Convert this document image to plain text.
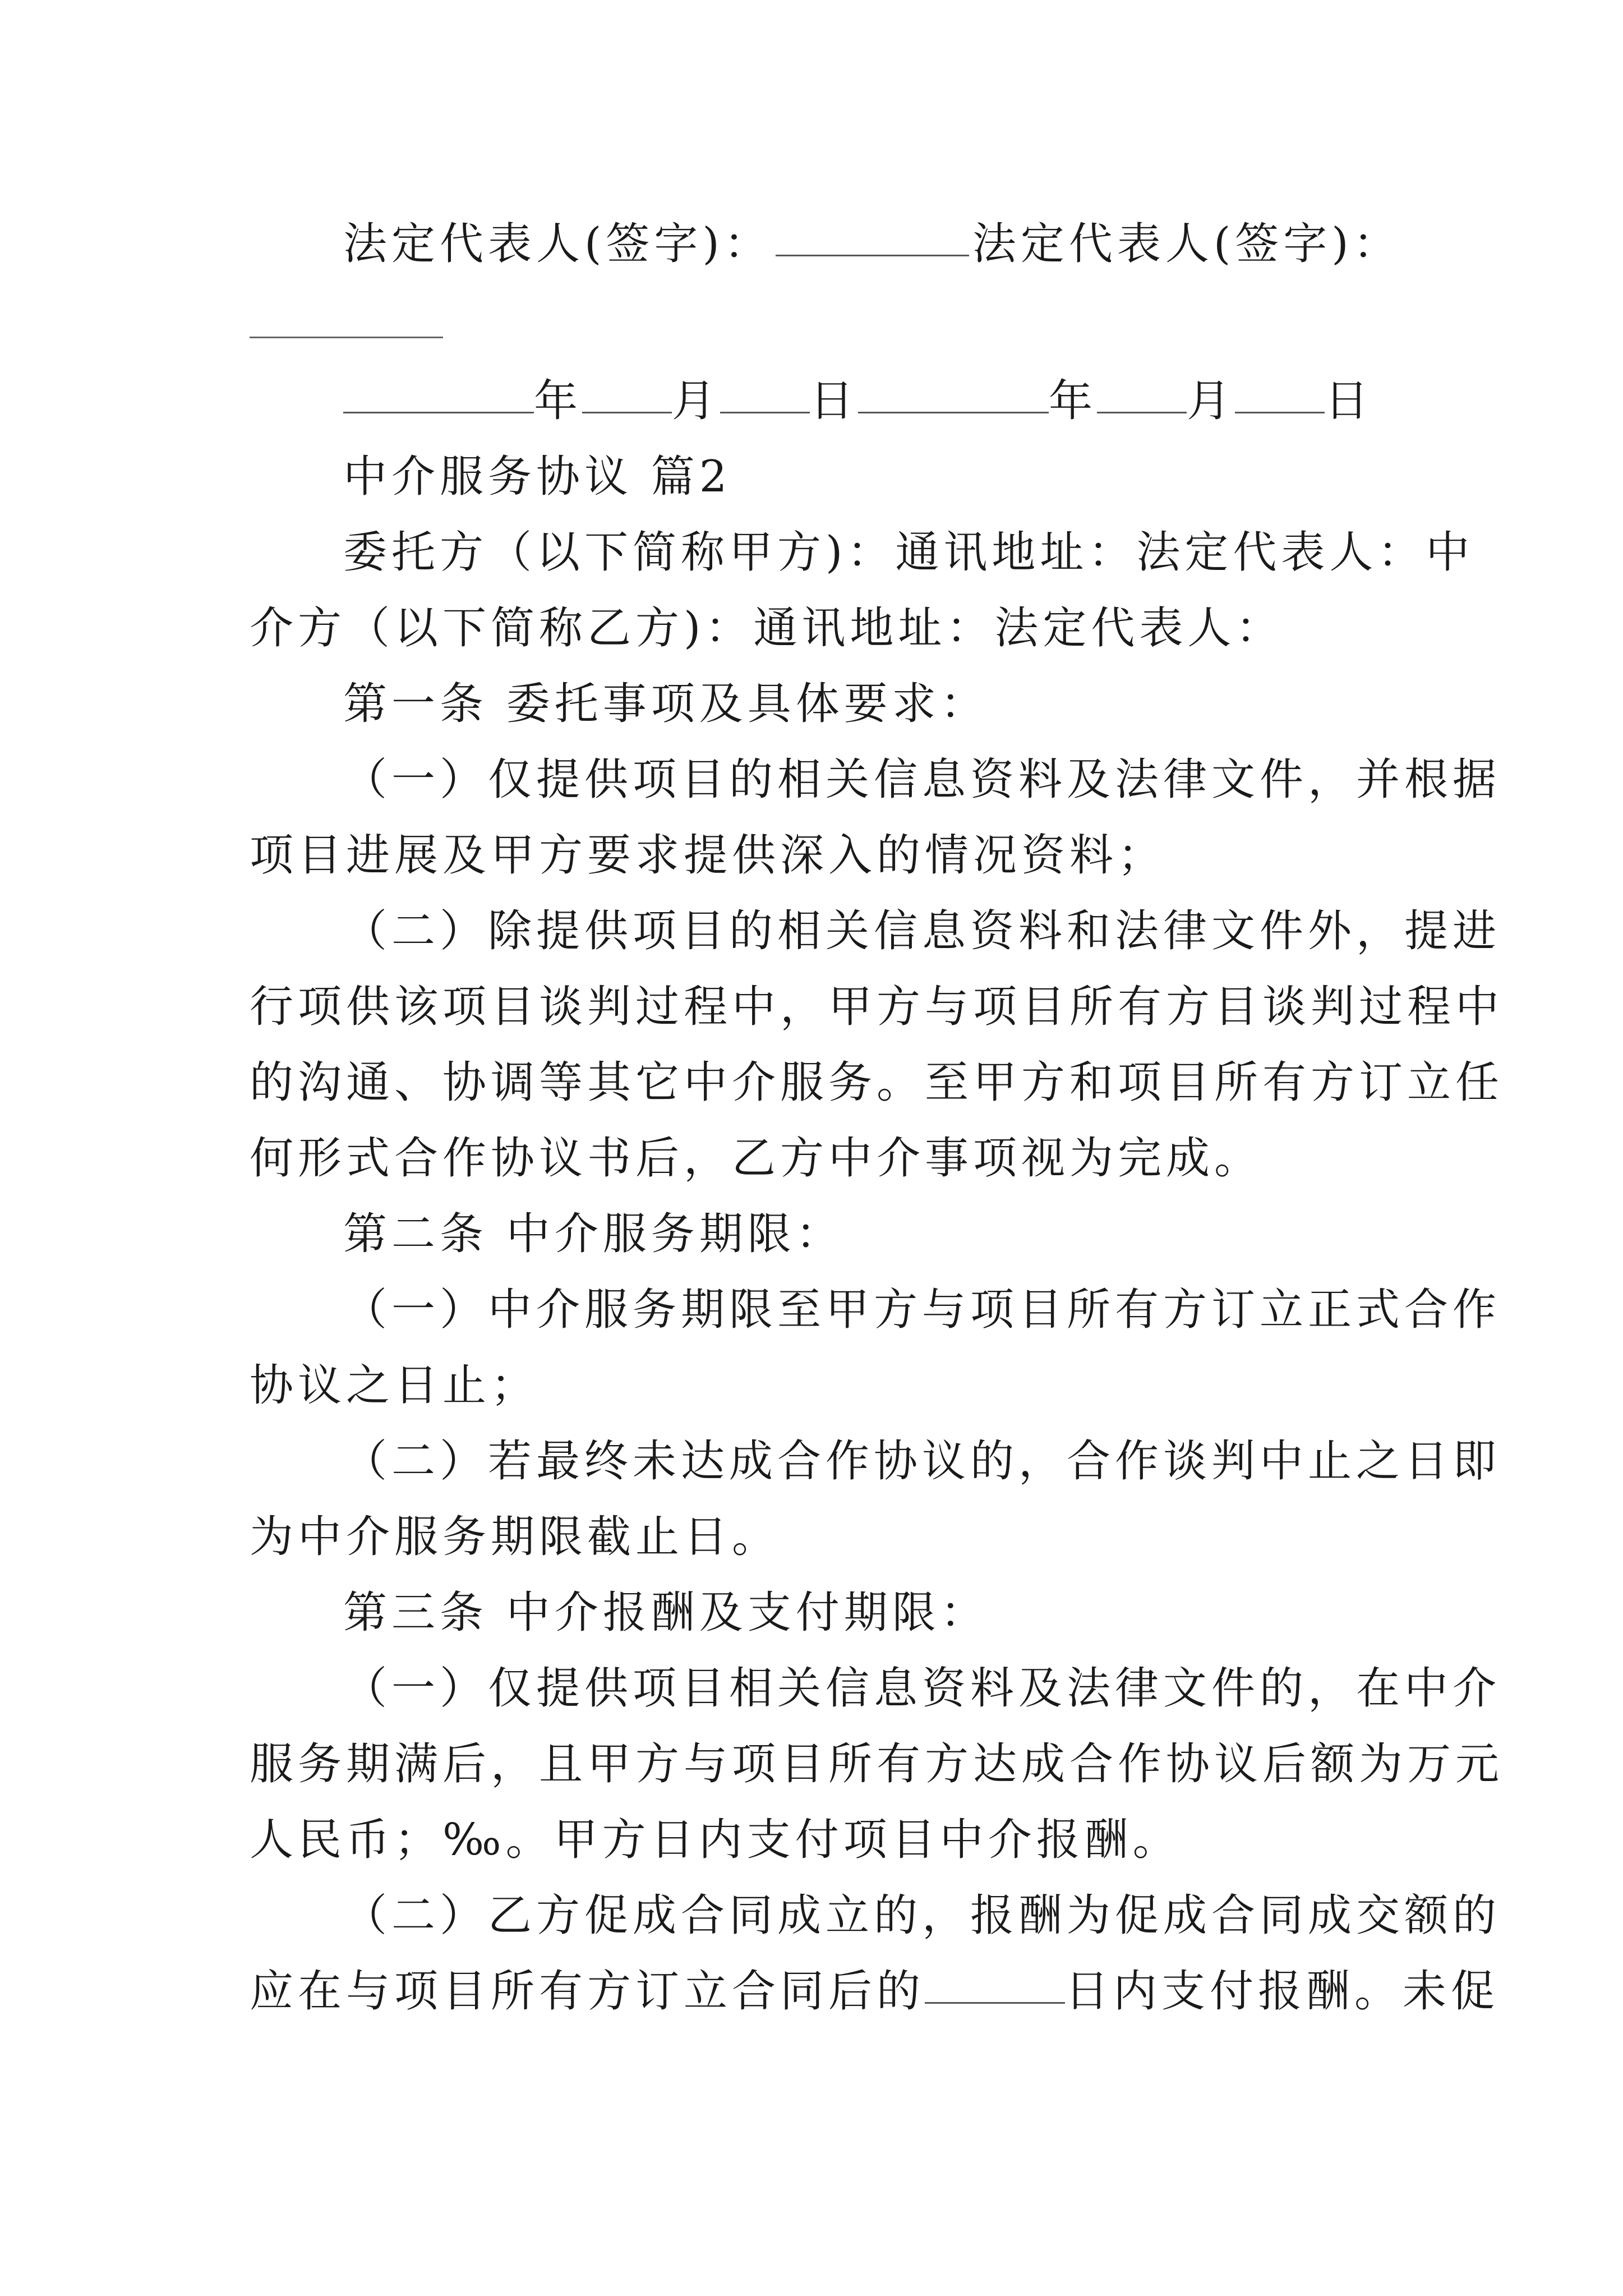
法定代表人(签字)：	法定代表人(签字)：
年 月 日	年 月 日
中介服务协议 篇2
委托方（以下简称甲方)：通讯地址：法定代表人：中
介方（以下简称乙方)：通讯地址：法定代表人：
第一条 委托事项及具体要求：
（一）仅提供项目的相关信息资料及法律文件，并根据
项目进展及甲方要求提供深入的情况资料；
（二）除提供项目的相关信息资料和法律文件外，提进
行项供该项目谈判过程中，甲方与项目所有方目谈判过程中
的沟通、协调等其它中介服务。至甲方和项目所有方订立任
何形式合作协议书后，乙方中介事项视为完成。
第二条 中介服务期限：
（一）中介服务期限至甲方与项目所有方订立正式合作
协议之日止；
（二）若最终未达成合作协议的，合作谈判中止之日即
为中介服务期限截止日。
第三条 中介报酬及支付期限：
（一）仅提供项目相关信息资料及法律文件的，在中介
服务期满后，且甲方与项目所有方达成合作协议后额为万元
人民币；‰。甲方日内支付项目中介报酬。
（二）乙方促成合同成立的，报酬为促成合同成交额的
应在与项目所有方订立合同后的	日内支付报酬。未促
